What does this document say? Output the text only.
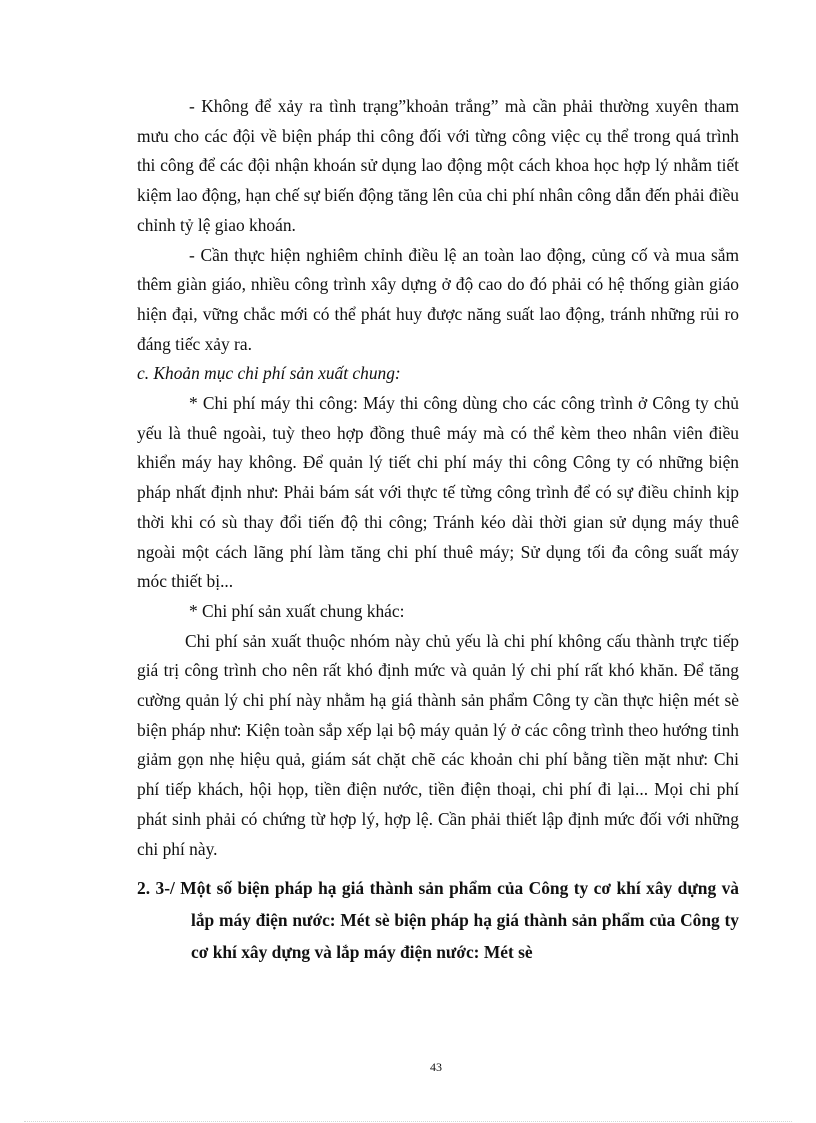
- Không để xảy ra tình trạng”khoản trắng” mà cần phải thường xuyên tham mưu cho các đội về biện pháp thi công đối với từng công việc cụ thể trong quá trình thi công để các đội nhận khoán sử dụng lao động một cách khoa học hợp lý nhằm tiết kiệm lao động, hạn chế sự biến động tăng lên của chi phí nhân công dẫn đến phải điều chỉnh tỷ lệ giao khoán.

- Cần thực hiện nghiêm chỉnh điều lệ an toàn lao động, củng cố và mua sắm thêm giàn giáo, nhiều công trình xây dựng ở độ cao do đó phải có hệ thống giàn giáo hiện đại, vững chắc mới có thể phát huy được năng suất lao động, tránh những rủi ro đáng tiếc xảy ra.

c. Khoản mục chi phí sản xuất chung:

* Chi phí máy thi công: Máy thi công dùng cho các công trình ở Công ty chủ yếu là thuê ngoài, tuỳ theo hợp đồng thuê máy mà có thể kèm theo nhân viên điều khiển máy hay không. Để quản lý tiết chi phí máy thi công Công ty có những biện pháp nhất định như: Phải bám sát với thực tế từng công trình để có sự điều chỉnh kịp thời khi có sù thay đổi tiến độ thi công; Tránh kéo dài thời gian sử dụng máy thuê ngoài một cách lãng phí làm tăng chi phí thuê máy; Sử dụng tối đa công suất máy móc thiết bị...

* Chi phí sản xuất chung khác:

Chi phí sản xuất thuộc nhóm này chủ yếu là chi phí không cấu thành trực tiếp giá trị công trình cho nên rất khó định mức và quản lý chi phí rất khó khăn. Để tăng cường quản lý chi phí này nhằm hạ giá thành sản phẩm Công ty cần thực hiện mét sè biện pháp như: Kiện toàn sắp xếp lại bộ máy quản lý ở các công trình theo hướng tinh giảm gọn nhẹ hiệu quả, giám sát chặt chẽ các khoản chi phí bằng tiền mặt như: Chi phí tiếp khách, hội họp, tiền điện nước, tiền điện thoại, chi phí đi lại... Mọi chi phí phát sinh phải có chứng từ hợp lý, hợp lệ. Cần phải thiết lập định mức đối với những chi phí này.

2. 3-/ Một số biện pháp hạ giá thành sản phẩm của Công ty cơ khí xây dựng và lắp máy điện nước: Mét sè biện pháp hạ giá thành sản phẩm của Công ty cơ khí xây dựng và lắp máy điện nước: Mét sè

43
